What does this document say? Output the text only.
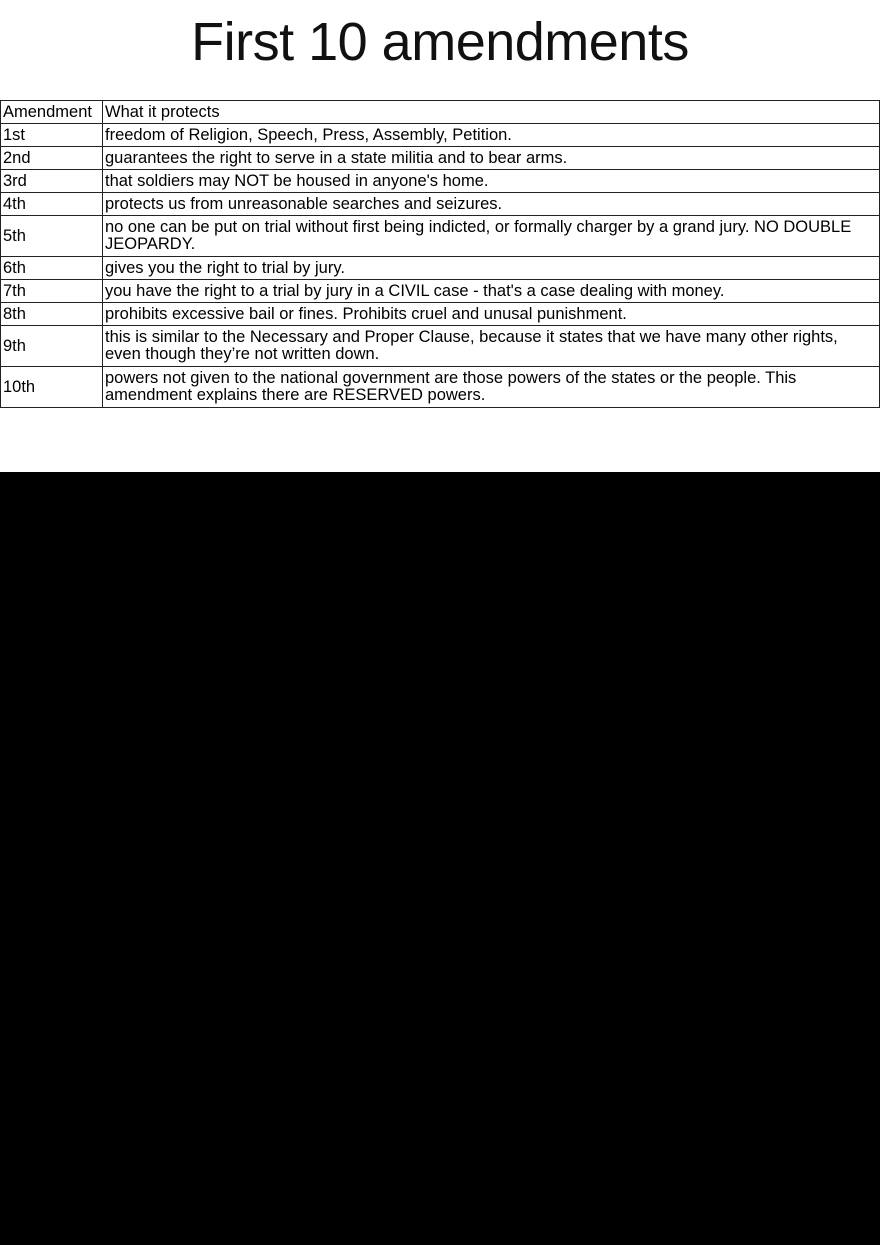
First 10 amendments
Amendment	What it protects
1st	freedom of Religion, Speech, Press, Assembly, Petition.
2nd	guarantees the right to serve in a state militia and to bear arms.
3rd	that soldiers may NOT be housed in anyone's home.
4th	protects us from unreasonable searches and seizures.
5th	no one can be put on trial without first being indicted, or formally charger by a grand jury. NO DOUBLE JEOPARDY.
6th	gives you the right to trial by jury.
7th	you have the right to a trial by jury in a CIVIL case - that's a case dealing with money.
8th	prohibits excessive bail or fines. Prohibits cruel and unusal punishment.
9th	this is similar to the Necessary and Proper Clause, because it states that we have many other rights, even though they’re not written down.
10th	powers not given to the national government are those powers of the states or the people. This amendment explains there are RESERVED powers.
